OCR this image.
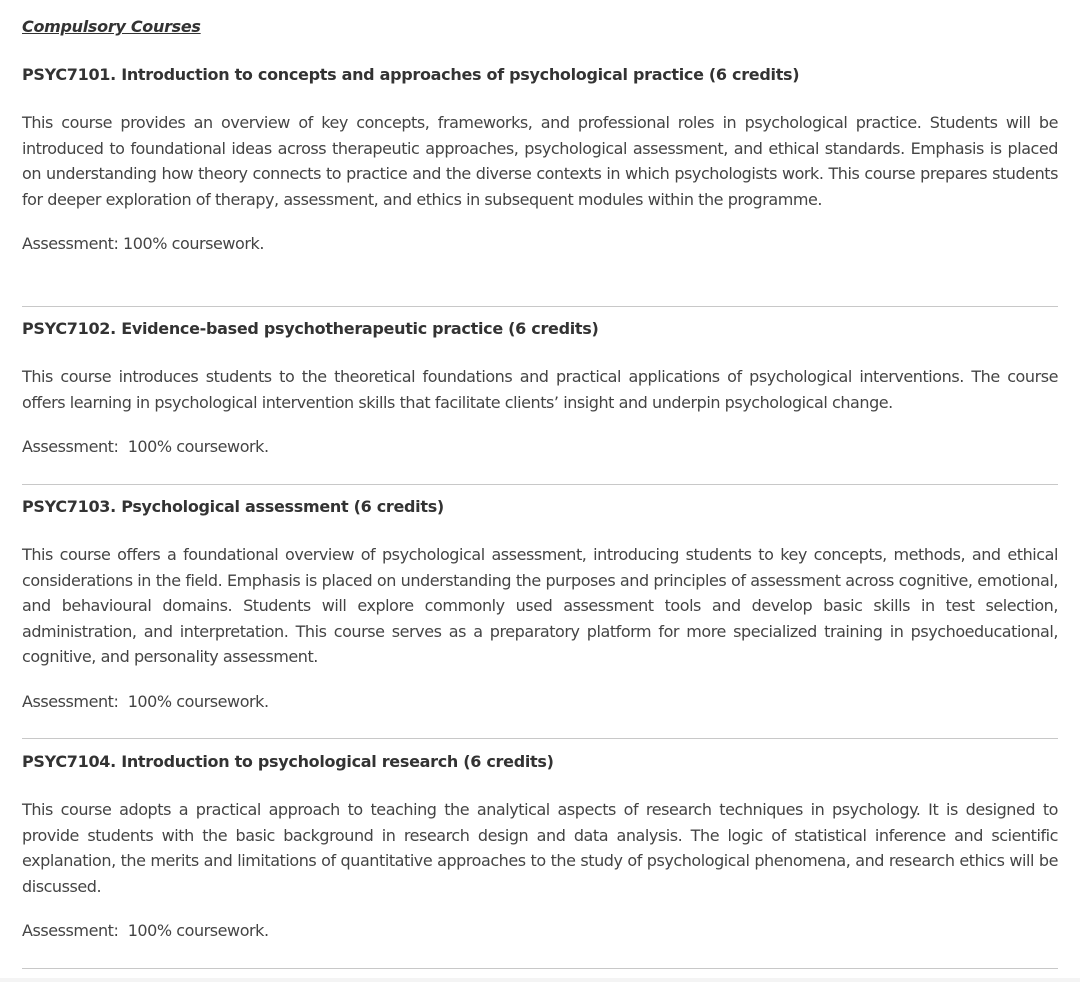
Compulsory Courses
PSYC7101. Introduction to concepts and approaches of psychological practice (6 credits)

This course provides an overview of key concepts, frameworks, and professional roles in psychological practice. Students will be introduced to foundational ideas across therapeutic approaches, psychological assessment, and ethical standards. Emphasis is placed on understanding how theory connects to practice and the diverse contexts in which psychologists work. This course prepares students for deeper exploration of therapy, assessment, and ethics in subsequent modules within the programme.

Assessment: 100% coursework.

PSYC7102. Evidence-based psychotherapeutic practice (6 credits)

This course introduces students to the theoretical foundations and practical applications of psychological interventions. The course offers learning in psychological intervention skills that facilitate clients’ insight and underpin psychological change.

Assessment:  100% coursework.

PSYC7103. Psychological assessment (6 credits)

This course offers a foundational overview of psychological assessment, introducing students to key concepts, methods, and ethical considerations in the field. Emphasis is placed on understanding the purposes and principles of assessment across cognitive, emotional, and behavioural domains. Students will explore commonly used assessment tools and develop basic skills in test selection, administration, and interpretation. This course serves as a preparatory platform for more specialized training in psychoeducational, cognitive, and personality assessment.

Assessment:  100% coursework.

PSYC7104. Introduction to psychological research (6 credits)

This course adopts a practical approach to teaching the analytical aspects of research techniques in psychology. It is designed to provide students with the basic background in research design and data analysis. The logic of statistical inference and scientific explanation, the merits and limitations of quantitative approaches to the study of psychological phenomena, and research ethics will be discussed.

Assessment:  100% coursework.
